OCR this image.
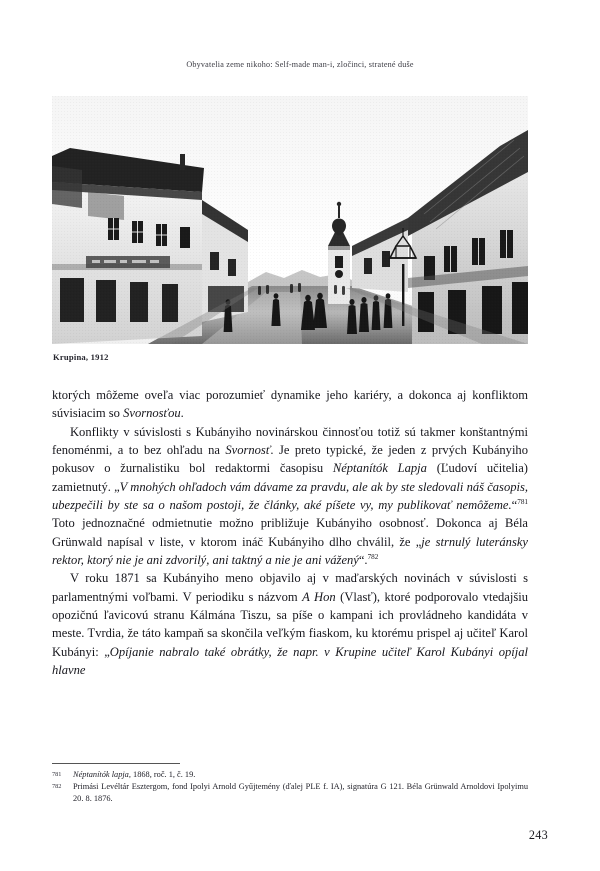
Obyvatelia zeme nikoho: Self-made man-i, zločinci, stratené duše
Krupina, 1912

ktorých môžeme oveľa viac porozumieť dynamike jeho kariéry, a dokonca aj konfliktom súvisiacim so Svornosťou.

Konflikty v súvislosti s Kubányiho novinárskou činnosťou totiž sú takmer konštantnými fenoménmi, a to bez ohľadu na Svornosť. Je preto typické, že jeden z prvých Kubányiho pokusov o žurnalistiku bol redaktormi časopisu Néptanítók Lapja (Ľudoví učitelia) zamietnutý. „V mnohých ohľadoch vám dávame za pravdu, ale ak by ste sledovali náš časopis, ubezpečili by ste sa o našom postoji, že články, aké píšete vy, my publikovať nemôžeme.“$^{781}$ Toto jednoznačné odmietnutie možno približuje Kubányiho osobnosť. Dokonca aj Béla Grünwald napísal v liste, v ktorom ináč Kubányiho dlho chválil, že „je strnulý luteránsky rektor, ktorý nie je ani zdvorilý, ani taktný a nie je ani vážený“.$^{782}$

V roku 1871 sa Kubányiho meno objavilo aj v maďarských novinách v súvislosti s parlamentnými voľbami. V periodiku s názvom A Hon (Vlasť), ktoré podporovalo vtedajšiu opozičnú ľavicovú stranu Kálmána Tiszu, sa píše o kampani ich provládneho kandidáta v meste. Tvrdia, že táto kampaň sa skončila veľkým fiaskom, ku ktorému prispel aj učiteľ Karol Kubányi: „Opíjanie nabralo také obrátky, že napr. v Krupine učiteľ Karol Kubányi opíjal hlavne

781 Néptanítók lapja, 1868, roč. 1, č. 19.
782 Primási Levéltár Esztergom, fond Ipolyi Arnold Gyűjtemény (ďalej PLE f. IA), signatúra G 121. Béla Grünwald Arnoldovi Ipolyimu 20. 8. 1876.
243
